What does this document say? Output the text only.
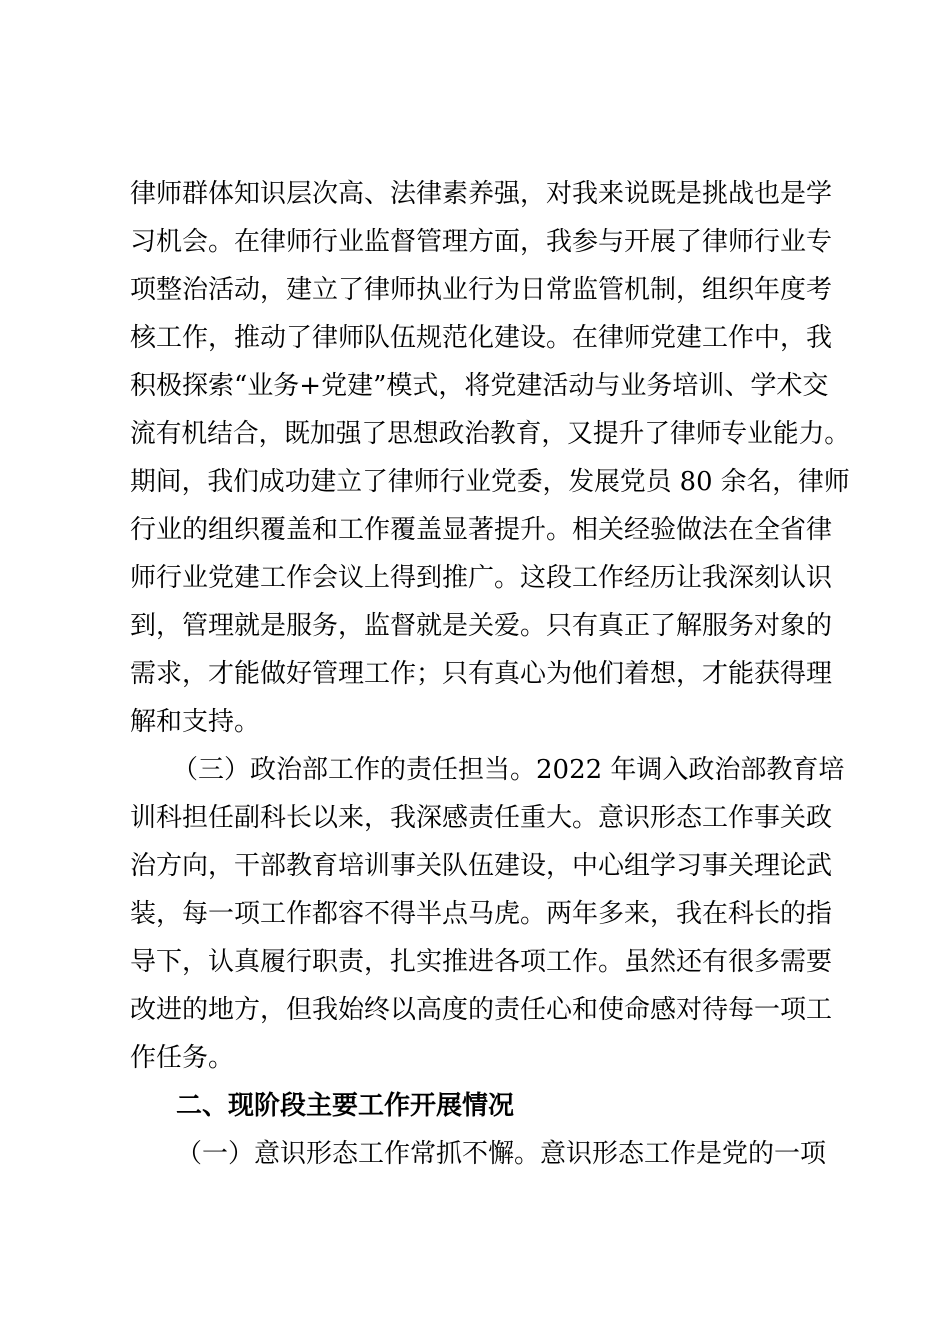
律师群体知识层次高、法律素养强，对我来说既是挑战也是学
习机会。在律师行业监督管理方面，我参与开展了律师行业专
项整治活动，建立了律师执业行为日常监管机制，组织年度考
核工作，推动了律师队伍规范化建设。在律师党建工作中，我
积极探索“业务+党建”模式，将党建活动与业务培训、学术交
流有机结合，既加强了思想政治教育，又提升了律师专业能力。
期间，我们成功建立了律师行业党委，发展党员 80 余名，律师
行业的组织覆盖和工作覆盖显著提升。相关经验做法在全省律
师行业党建工作会议上得到推广。这段工作经历让我深刻认识
到，管理就是服务，监督就是关爱。只有真正了解服务对象的
需求，才能做好管理工作；只有真心为他们着想，才能获得理
解和支持。
（三）政治部工作的责任担当。2022 年调入政治部教育培
训科担任副科长以来，我深感责任重大。意识形态工作事关政
治方向，干部教育培训事关队伍建设，中心组学习事关理论武
装，每一项工作都容不得半点马虎。两年多来，我在科长的指
导下，认真履行职责，扎实推进各项工作。虽然还有很多需要
改进的地方，但我始终以高度的责任心和使命感对待每一项工
作任务。
二、现阶段主要工作开展情况
（一）意识形态工作常抓不懈。意识形态工作是党的一项
